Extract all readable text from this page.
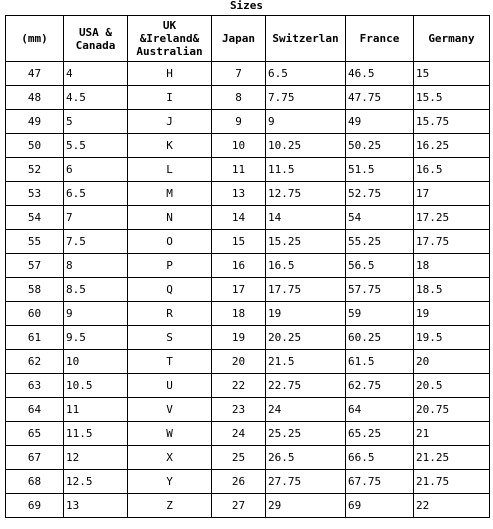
Sizes
(mm)	USA & Canada	UK &Ireland& Australian	Japan	Switzerlan	France	Germany
47	4	H	7	6.5	46.5	15
48	4.5	I	8	7.75	47.75	15.5
49	5	J	9	9	49	15.75
50	5.5	K	10	10.25	50.25	16.25
52	6	L	11	11.5	51.5	16.5
53	6.5	M	13	12.75	52.75	17
54	7	N	14	14	54	17.25
55	7.5	O	15	15.25	55.25	17.75
57	8	P	16	16.5	56.5	18
58	8.5	Q	17	17.75	57.75	18.5
60	9	R	18	19	59	19
61	9.5	S	19	20.25	60.25	19.5
62	10	T	20	21.5	61.5	20
63	10.5	U	22	22.75	62.75	20.5
64	11	V	23	24	64	20.75
65	11.5	W	24	25.25	65.25	21
67	12	X	25	26.5	66.5	21.25
68	12.5	Y	26	27.75	67.75	21.75
69	13	Z	27	29	69	22
